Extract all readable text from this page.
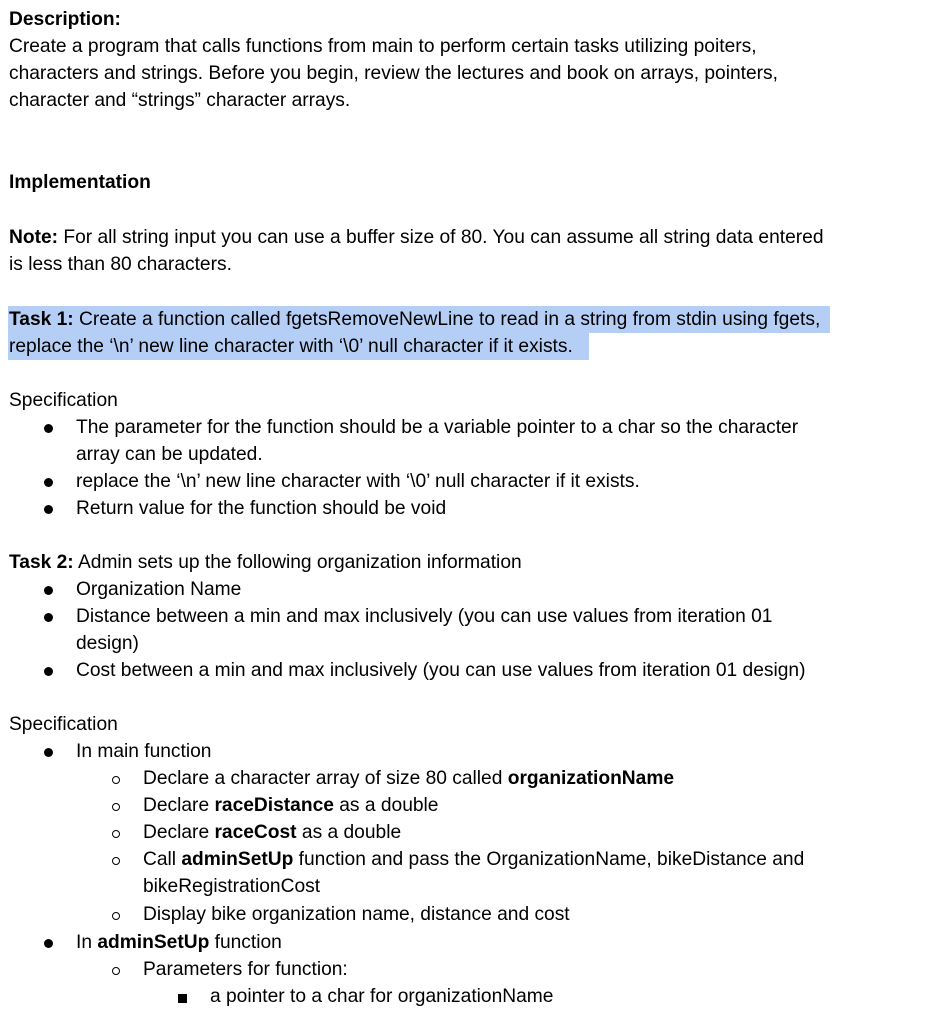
Description:
Create a program that calls functions from main to perform certain tasks utilizing poiters,
characters and strings. Before you begin, review the lectures and book on arrays, pointers,
character and “strings” character arrays.
Implementation
Note: For all string input you can use a buffer size of 80. You can assume all string data entered
is less than 80 characters.
Task 1: Create a function called fgetsRemoveNewLine to read in a string from stdin using fgets,
replace the ‘\n’ new line character with ‘\0’ null character if it exists.
Specification
The parameter for the function should be a variable pointer to a char so the character
array can be updated.
replace the ‘\n’ new line character with ‘\0’ null character if it exists.
Return value for the function should be void
Task 2: Admin sets up the following organization information
Organization Name
Distance between a min and max inclusively (you can use values from iteration 01
design)
Cost between a min and max inclusively (you can use values from iteration 01 design)
Specification
In main function
Declare a character array of size 80 called organizationName
Declare raceDistance as a double
Declare raceCost as a double
Call adminSetUp function and pass the OrganizationName, bikeDistance and
bikeRegistrationCost
Display bike organization name, distance and cost
In adminSetUp function
Parameters for function:
a pointer to a char for organizationName
